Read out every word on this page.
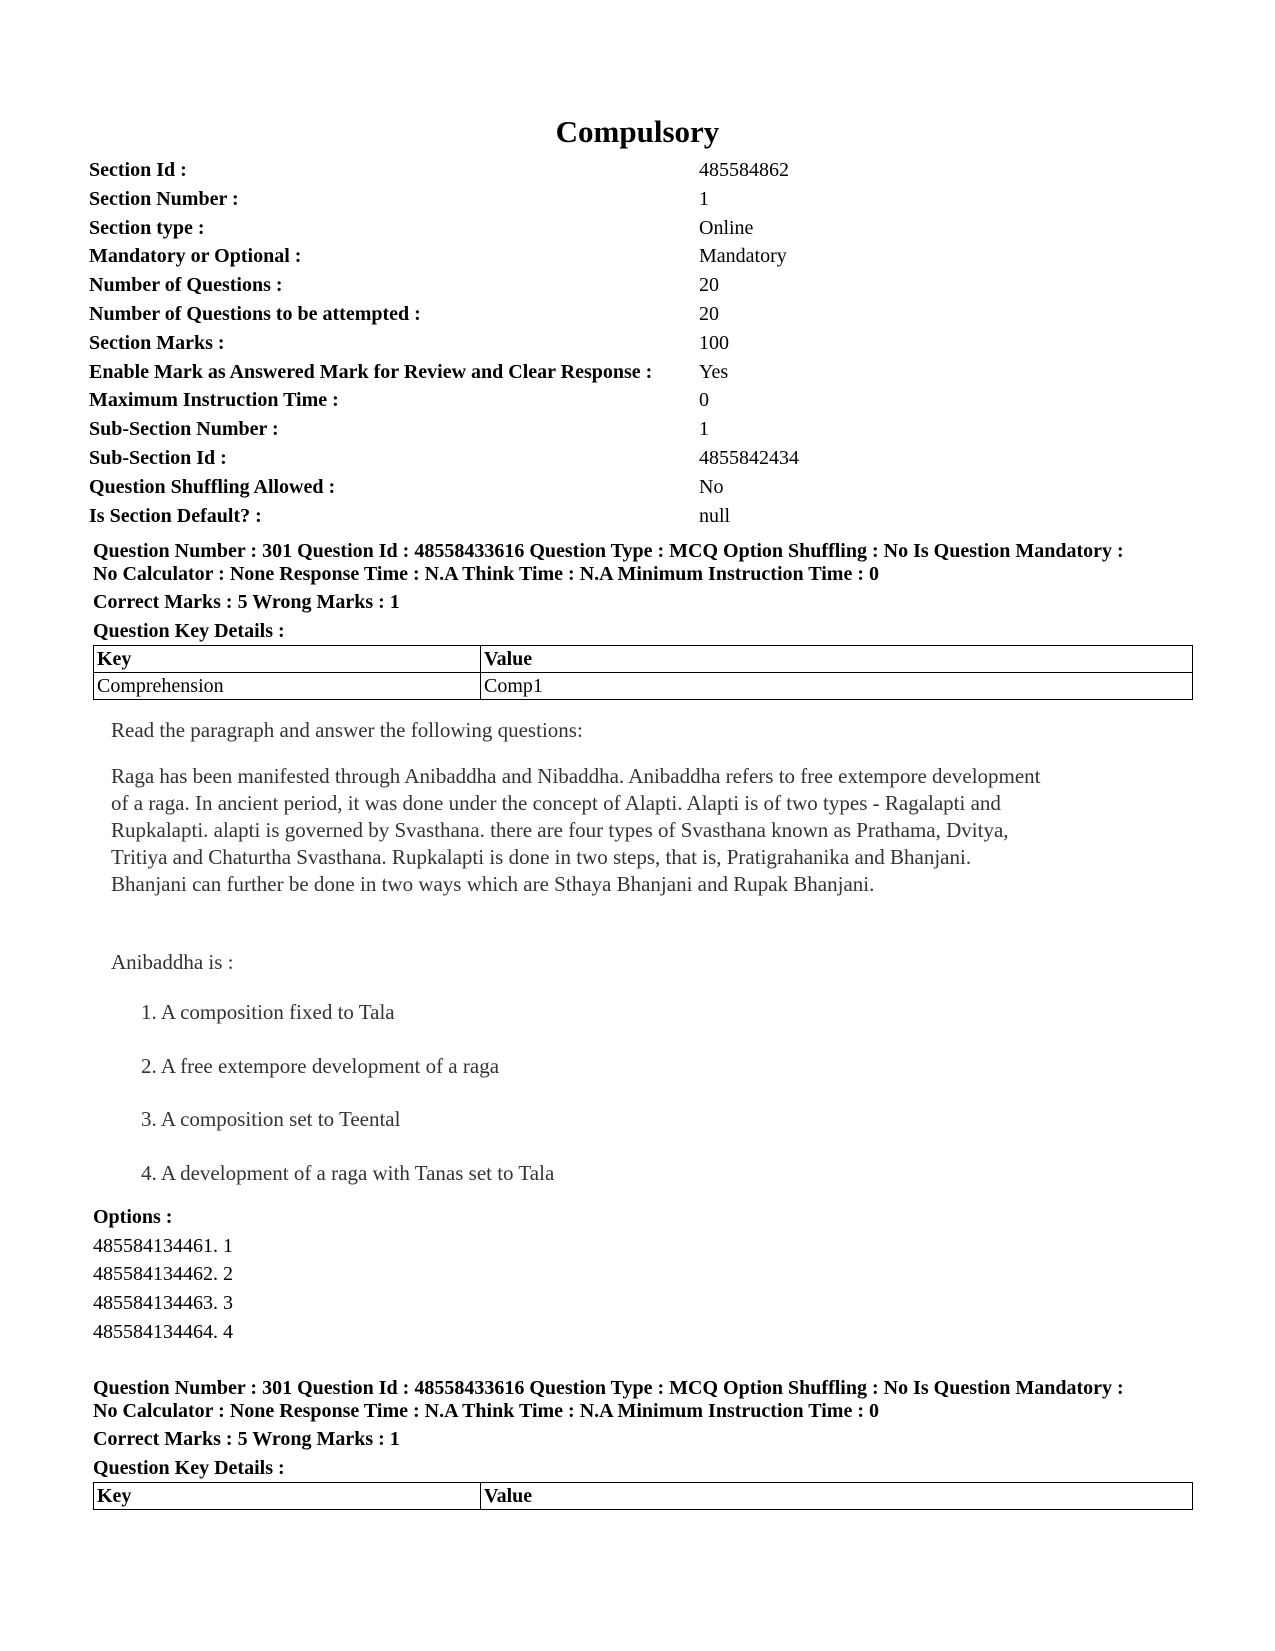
Compulsory
Section Id :	485584862
Section Number :	1
Section type :	Online
Mandatory or Optional :	Mandatory
Number of Questions :	20
Number of Questions to be attempted :	20
Section Marks :	100
Enable Mark as Answered Mark for Review and Clear Response : Yes
Maximum Instruction Time :	0
Sub-Section Number :	1
Sub-Section Id :	4855842434
Question Shuffling Allowed :	No
Is Section Default? :	null
Question Number : 301 Question Id : 48558433616 Question Type : MCQ Option Shuffling : No Is Question Mandatory :
No Calculator : None Response Time : N.A Think Time : N.A Minimum Instruction Time : 0
Correct Marks : 5 Wrong Marks : 1
Question Key Details :
Key	Value
Comprehension	Comp1

Read the paragraph and answer the following questions:

Raga has been manifested through Anibaddha and Nibaddha. Anibaddha refers to free extempore development

of a raga. In ancient period, it was done under the concept of Alapti. Alapti is of two types - Ragalapti and

Rupkalapti. alapti is governed by Svasthana. there are four types of Svasthana known as Prathama, Dvitya,

Tritiya and Chaturtha Svasthana. Rupkalapti is done in two steps, that is, Pratigrahanika and Bhanjani.

Bhanjani can further be done in two ways which are Sthaya Bhanjani and Rupak Bhanjani.

Anibaddha is :

1. A composition fixed to Tala
2. A free extempore development of a raga
3. A composition set to Teental
4. A development of a raga with Tanas set to Tala
Options :
485584134461. 1
485584134462. 2
485584134463. 3
485584134464. 4
Question Number : 301 Question Id : 48558433616 Question Type : MCQ Option Shuffling : No Is Question Mandatory :
No Calculator : None Response Time : N.A Think Time : N.A Minimum Instruction Time : 0
Correct Marks : 5 Wrong Marks : 1
Question Key Details :
Key	Value
